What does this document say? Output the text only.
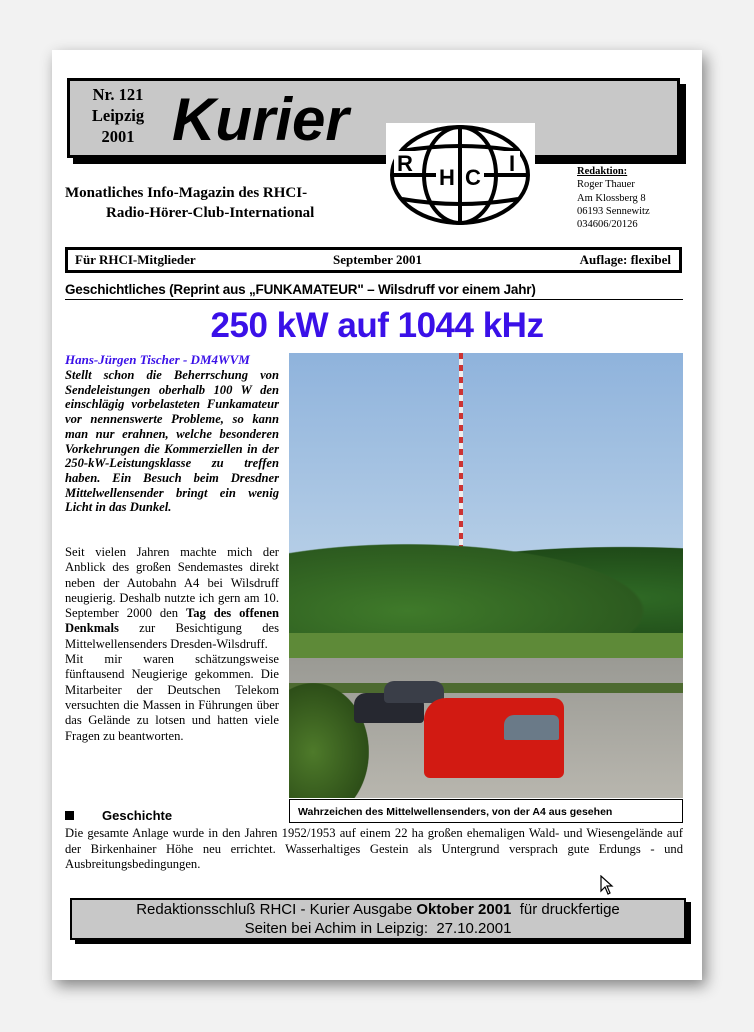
Nr. 121
Leipzig
2001 Kurier
R
H C
I
Monatliches Info-Magazin des RHCI-
Radio-Hörer-Club-International
Redaktion:
Roger Thauer
Am Klossberg 8
06193 Sennewitz
034606/20126
Für RHCI-Mitglieder	September 2001	Auflage: flexibel
Geschichtliches (Reprint aus „FUNKAMATEUR" – Wilsdruff vor einem Jahr)
250 kW auf 1044 kHz
Hans-Jürgen Tischer - DM4WVM
Stellt schon die Beherrschung von Sendeleistungen oberhalb 100 W den einschlägig vorbelasteten Funkamateur vor nennenswerte Probleme, so kann man nur erahnen, welche besonderen Vorkehrungen die Kommerziellen in der 250-kW-Leistungsklasse zu treffen haben. Ein Besuch beim Dresdner Mittelwellensender bringt ein wenig Licht in das Dunkel.
Seit vielen Jahren machte mich der Anblick des großen Sendemastes direkt neben der Autobahn A4 bei Wilsdruff neugierig. Deshalb nutzte ich gern am 10. September 2000 den Tag des offenen Denkmals zur Besichtigung des Mittelwellensenders Dresden-Wilsdruff.
Mit mir waren schätzungsweise fünftausend Neugierige gekommen. Die Mitarbeiter der Deutschen Telekom versuchten die Massen in Führungen über das Gelände zu lotsen und hatten viele Fragen zu beantworten.
Wahrzeichen des Mittelwellensenders, von der A4 aus gesehen
Geschichte
Die gesamte Anlage wurde in den Jahren 1952/1953 auf einem 22 ha großen ehemaligen Wald- und Wiesengelände auf der Birkenhainer Höhe neu errichtet. Wasserhaltiges Gestein als Untergrund versprach gute Erdungs - und Ausbreitungsbedingungen.
Redaktionsschluß RHCI - Kurier Ausgabe Oktober 2001  für druckfertige
Seiten bei Achim in Leipzig:  27.10.2001
